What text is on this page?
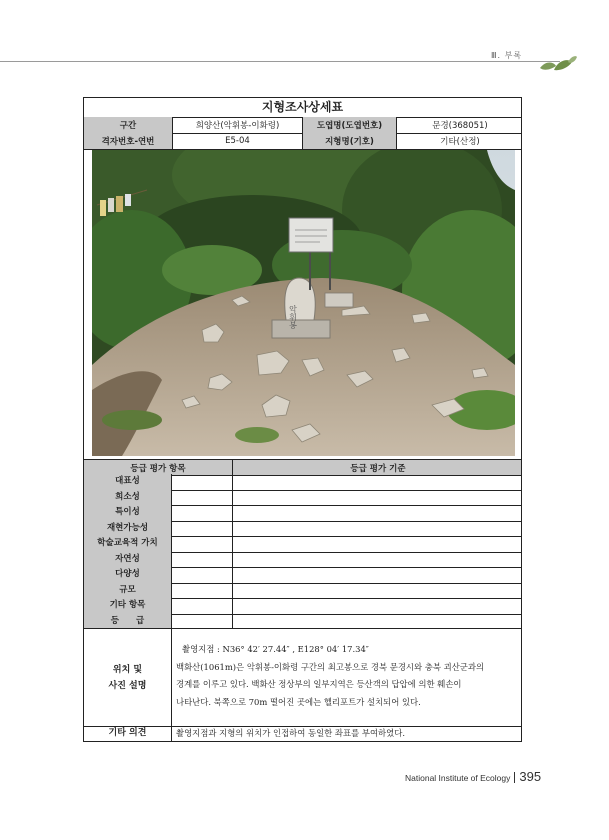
Ⅲ. 부록
지형조사상세표
구간	희양산(악휘봉-이화령)	도엽명(도엽번호)	문경(368051)
격자번호-연번	E5-04	지형명(기호)	기타(산정)
악휘봉
등급 평가 항목	등급 평가 기준
대표성
희소성
특이성
재현가능성
학술교육적 가치
자연성
다양성
규모
기타 항목
등　　급
위치 및
사진 설명
촬영지점 : N36° 42′ 27.44″ , E128° 04′ 17.34″
백화산(1061m)은 악휘봉-이화령 구간의 최고봉으로 경북 문경시와 충북 괴산군과의
경계를 이루고 있다. 백화산 정상부의 일부지역은 등산객의 답압에 의한 훼손이
나타난다. 북쪽으로 70m 떨어진 곳에는 헬리포트가 설치되어 있다.
기타 의견	촬영지점과 지형의 위치가 인접하여 동일한 좌표를 부여하였다.
National Institute of Ecology 395
